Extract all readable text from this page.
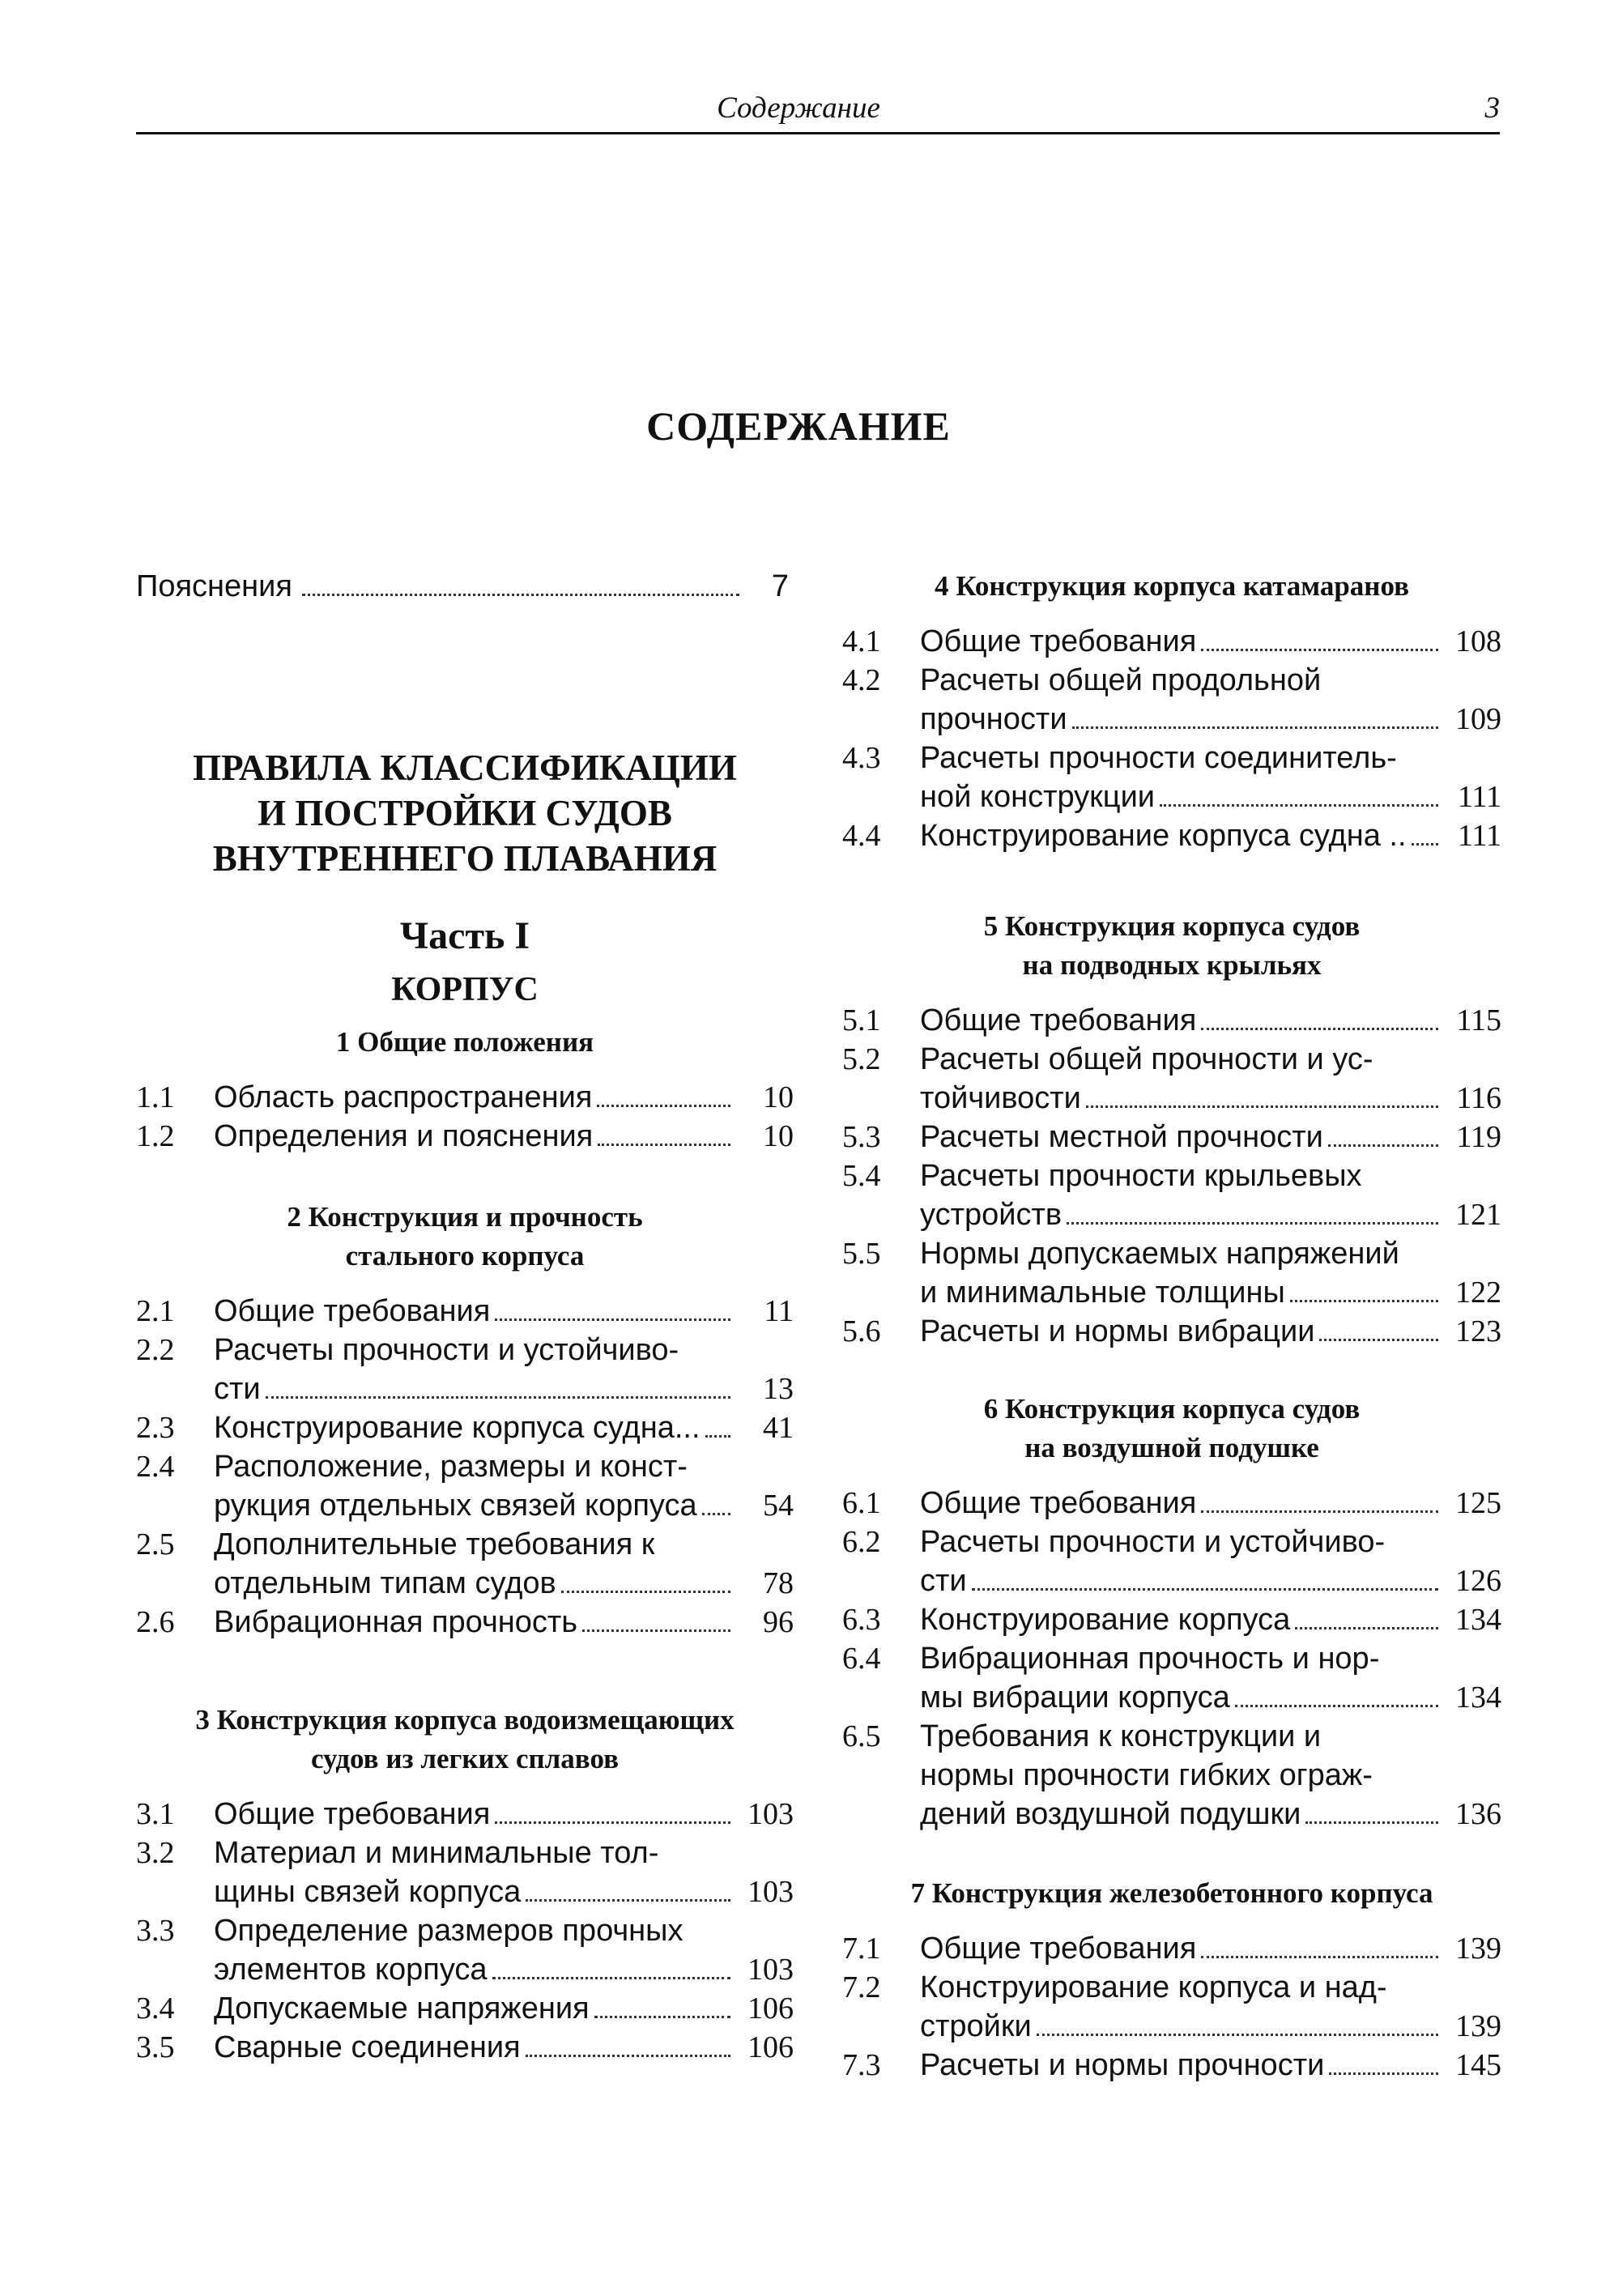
Содержание	3
СОДЕРЖАНИЕ
Пояснения	7
ПРАВИЛА КЛАССИФИКАЦИИ
И ПОСТРОЙКИ СУДОВ
ВНУТРЕННЕГО ПЛАВАНИЯ
Часть I
КОРПУС
1 Общие положения
1.1 Область распространения	10
1.2 Определения и пояснения	10
2 Конструкция и прочность
стального корпуса
2.1 Общие требования	11
2.2 Расчеты прочности и устойчиво-
сти	13
2.3 Конструирование корпуса судна... 41
2.4 Расположение, размеры и конст-
рукция отдельных связей корпуса 54
2.5 Дополнительные требования к
отдельным типам судов	78
2.6 Вибрационная прочность	96
3 Конструкция корпуса водоизмещающих
судов из легких сплавов
3.1 Общие требования	103
3.2 Материал и минимальные тол-
щины связей корпуса	103
3.3 Определение размеров прочных
элементов корпуса	103
3.4 Допускаемые напряжения	106
3.5 Сварные соединения	106
4 Конструкция корпуса катамаранов
4.1 Общие требования	108
4.2 Расчеты общей продольной
прочности	109
4.3 Расчеты прочности соединитель-
ной конструкции	111
4.4 Конструирование корпуса судна .. 111
5 Конструкция корпуса судов
на подводных крыльях
5.1 Общие требования	115
5.2 Расчеты общей прочности и ус-
тойчивости	116
5.3 Расчеты местной прочности	119
5.4 Расчеты прочности крыльевых
устройств	121
5.5 Нормы допускаемых напряжений
и минимальные толщины	122
5.6 Расчеты и нормы вибрации	123
6 Конструкция корпуса судов
на воздушной подушке
6.1 Общие требования	125
6.2 Расчеты прочности и устойчиво-
сти	126
6.3 Конструирование корпуса	134
6.4 Вибрационная прочность и нор-
мы вибрации корпуса	134
6.5 Требования к конструкции и
нормы прочности гибких ограж-
дений воздушной подушки	136
7 Конструкция железобетонного корпуса
7.1 Общие требования	139
7.2 Конструирование корпуса и над-
стройки	139
7.3 Расчеты и нормы прочности	145
